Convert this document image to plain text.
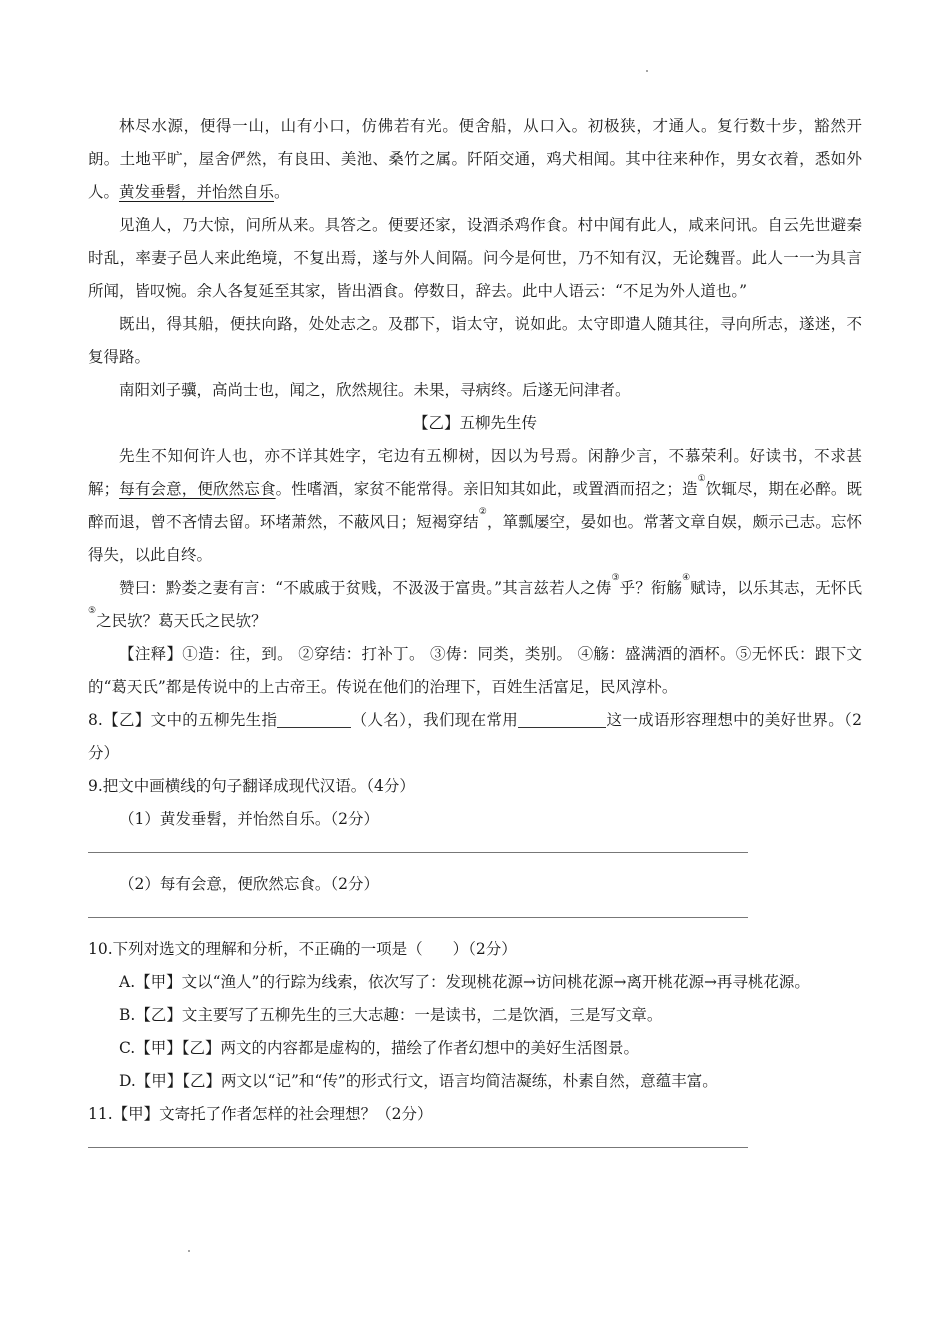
林尽水源，便得一山，山有小口，仿佛若有光。便舍船，从口入。初极狭，才通人。复行数十步，豁然开朗。土地平旷，屋舍俨然，有良田、美池、桑竹之属。阡陌交通，鸡犬相闻。其中往来种作，男女衣着，悉如外人。黄发垂髫，并怡然自乐。

见渔人，乃大惊，问所从来。具答之。便要还家，设酒杀鸡作食。村中闻有此人，咸来问讯。自云先世避秦时乱，率妻子邑人来此绝境，不复出焉，遂与外人间隔。问今是何世，乃不知有汉，无论魏晋。此人一一为具言所闻，皆叹惋。余人各复延至其家，皆出酒食。停数日，辞去。此中人语云：“不足为外人道也。”

既出，得其船，便扶向路，处处志之。及郡下，诣太守，说如此。太守即遣人随其往，寻向所志，遂迷，不复得路。

南阳刘子骥，高尚士也，闻之，欣然规往。未果，寻病终。后遂无问津者。

【乙】五柳先生传

先生不知何许人也，亦不详其姓字，宅边有五柳树，因以为号焉。闲静少言，不慕荣利。好读书，不求甚解；每有会意，便欣然忘食。性嗜酒，家贫不能常得。亲旧知其如此，或置酒而招之；造①饮辄尽，期在必醉。既醉而退，曾不吝情去留。环堵萧然，不蔽风日；短褐穿结②，箪瓢屡空，晏如也。常著文章自娱，颇示己志。忘怀得失，以此自终。

赞曰：黔娄之妻有言：“不戚戚于贫贱，不汲汲于富贵。”其言兹若人之俦③乎？衔觞④赋诗，以乐其志，无怀氏⑤之民欤？葛天氏之民欤？

【注释】①造：往，到。 ②穿结：打补丁。 ③俦：同类，类别。 ④觞：盛满酒的酒杯。⑤无怀氏：跟下文的“葛天氏”都是传说中的上古帝王。传说在他们的治理下，百姓生活富足，民风淳朴。

8.【乙】文中的五柳先生指	（人名），我们现在常用	这一成语形容理想中的美好世界。（2分）

9.把文中画横线的句子翻译成现代汉语。（4分）

（1）黄发垂髫，并怡然自乐。（2分）

（2）每有会意，便欣然忘食。（2分）

10.下列对选文的理解和分析，不正确的一项是（ ）（2分）

A.【甲】文以“渔人”的行踪为线索，依次写了：发现桃花源→访问桃花源→离开桃花源→再寻桃花源。

B.【乙】文主要写了五柳先生的三大志趣：一是读书，二是饮酒，三是写文章。

C.【甲】【乙】两文的内容都是虚构的，描绘了作者幻想中的美好生活图景。

D.【甲】【乙】两文以“记”和“传”的形式行文，语言均简洁凝练，朴素自然，意蕴丰富。

11.【甲】文寄托了作者怎样的社会理想？（2分）
